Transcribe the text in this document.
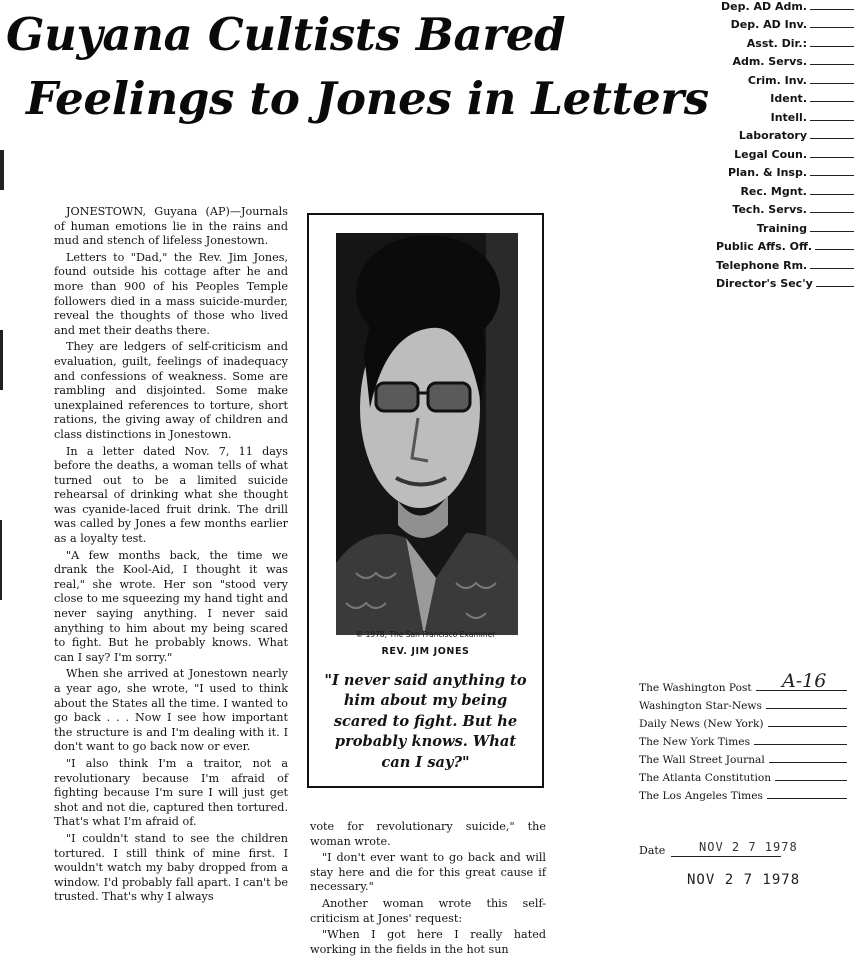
Guyana Cultists Bared
Feelings to Jones in Letters
Dep. AD Adm.
Dep. AD Inv.
Asst. Dir.:
Adm. Servs.
Crim. Inv.
Ident.
Intell.
Laboratory
Legal Coun.
Plan. & Insp.
Rec. Mgnt.
Tech. Servs.
Training
Public Affs. Off.
Telephone Rm.
Director's Sec'y

JONESTOWN, Guyana (AP)—Journals of human emotions lie in the rains and mud and stench of lifeless Jonestown.

Letters to "Dad," the Rev. Jim Jones, found outside his cottage after he and more than 900 of his Peoples Temple followers died in a mass suicide-murder, reveal the thoughts of those who lived and met their deaths there.

They are ledgers of self-criticism and evaluation, guilt, feelings of inadequacy and confessions of weakness. Some are rambling and disjointed. Some make unexplained references to torture, short rations, the giving away of children and class distinctions in Jonestown.

In a letter dated Nov. 7, 11 days before the deaths, a woman tells of what turned out to be a limited suicide rehearsal of drinking what she thought was cyanide-laced fruit drink. The drill was called by Jones a few months earlier as a loyalty test.

"A few months back, the time we drank the Kool-Aid, I thought it was real," she wrote. Her son "stood very close to me squeezing my hand tight and never saying anything. I never said anything to him about my being scared to fight. But he probably knows. What can I say? I'm sorry."

When she arrived at Jonestown nearly a year ago, she wrote, "I used to think about the States all the time. I wanted to go back . . . Now I see how important the structure is and I'm dealing with it. I don't want to go back now or ever.

"I also think I'm a traitor, not a revolutionary because I'm afraid of fighting because I'm sure I will just get shot and not die, captured then tortured. That's what I'm afraid of.

"I couldn't stand to see the children tortured. I still think of mine first. I wouldn't watch my baby dropped from a window. I'd probably fall apart. I can't be trusted. That's why I always

© 1978, The San Francisco Examiner
REV. JIM JONES
"I never said anything to him about my being scared to fight. But he probably knows. What can I say?"

vote for revolutionary suicide," the woman wrote.

"I don't ever want to go back and will stay here and die for this great cause if necessary."

Another woman wrote this self-criticism at Jones' request:

"When I got here I really hated working in the fields in the hot sun

A-16
The Washington Post
Washington Star-News
Daily News (New York)
The New York Times
The Wall Street Journal
The Atlanta Constitution
The Los Angeles Times
Date	NOV 2 7 1978
NOV 2 7 1978
